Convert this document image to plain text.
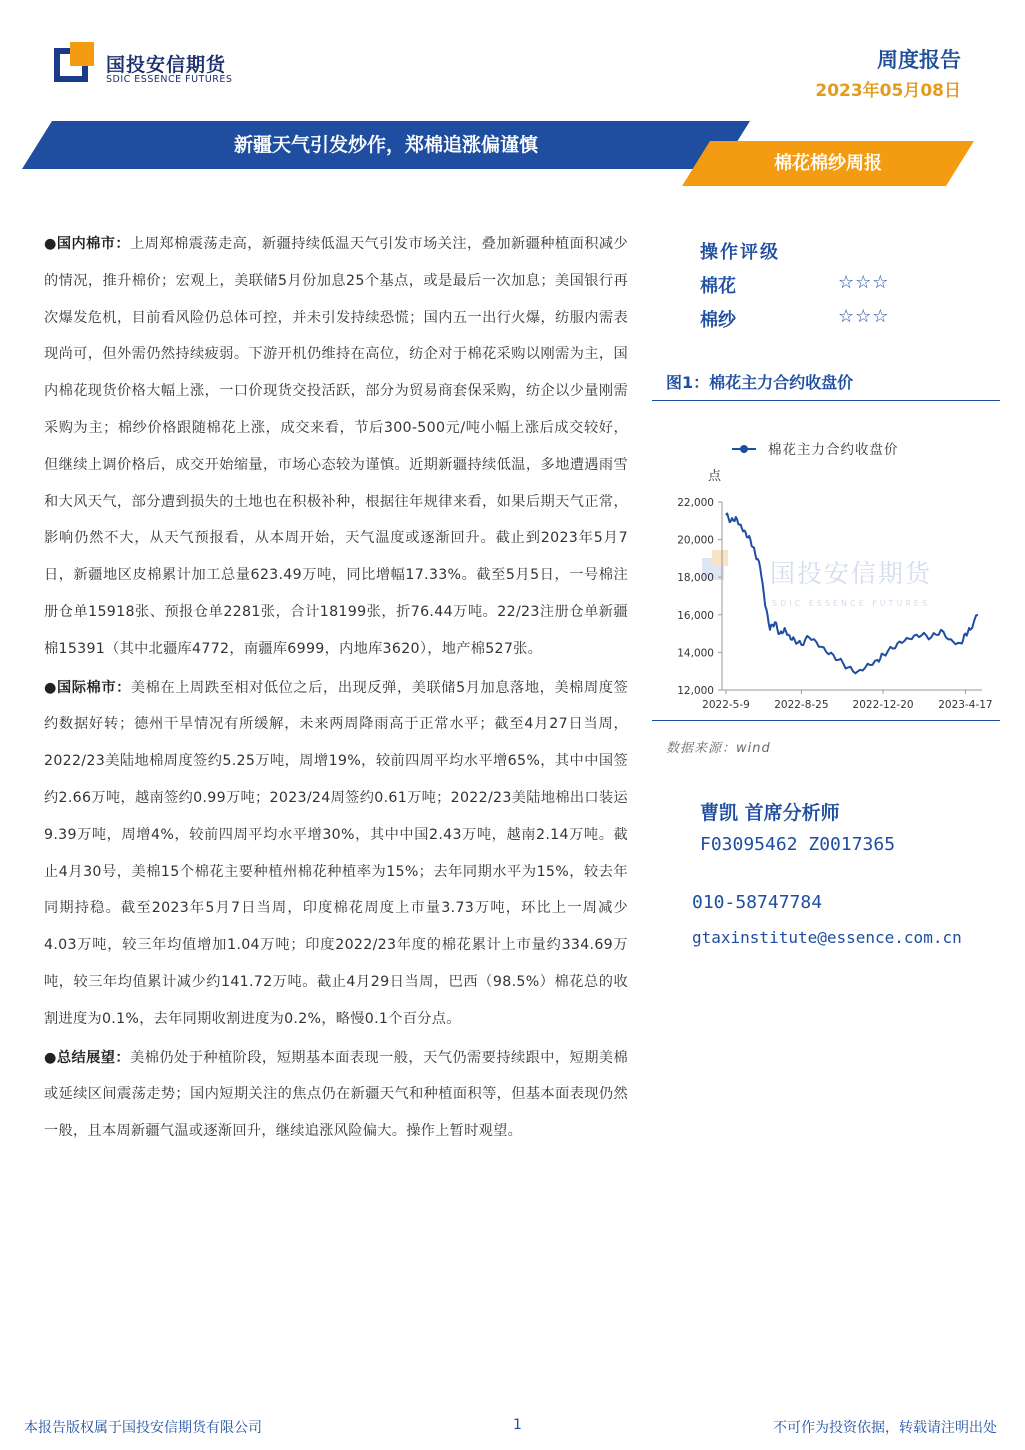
国投安信期货
SDIC ESSENCE FUTURES
周度报告
2023年05月08日
新疆天气引发炒作，郑棉追涨偏谨慎
棉花棉纱周报

●国内棉市：上周郑棉震荡走高，新疆持续低温天气引发市场关注，叠加新疆种植面积减少的情况，推升棉价；宏观上，美联储5月份加息25个基点，或是最后一次加息；美国银行再次爆发危机，目前看风险仍总体可控，并未引发持续恐慌；国内五一出行火爆，纺服内需表现尚可，但外需仍然持续疲弱。下游开机仍维持在高位，纺企对于棉花采购以刚需为主，国内棉花现货价格大幅上涨，一口价现货交投活跃，部分为贸易商套保采购，纺企以少量刚需采购为主；棉纱价格跟随棉花上涨，成交来看，节后300-500元/吨小幅上涨后成交较好，但继续上调价格后，成交开始缩量，市场心态较为谨慎。近期新疆持续低温，多地遭遇雨雪和大风天气，部分遭到损失的土地也在积极补种，根据往年规律来看，如果后期天气正常，影响仍然不大，从天气预报看，从本周开始，天气温度或逐渐回升。截止到2023年5月7日，新疆地区皮棉累计加工总量623.49万吨，同比增幅17.33%。截至5月5日，一号棉注册仓单15918张、预报仓单2281张，合计18199张，折76.44万吨。22/23注册仓单新疆棉15391（其中北疆库4772，南疆库6999，内地库3620），地产棉527张。

●国际棉市：美棉在上周跌至相对低位之后，出现反弹，美联储5月加息落地，美棉周度签约数据好转；德州干旱情况有所缓解，未来两周降雨高于正常水平；截至4月27日当周，2022/23美陆地棉周度签约5.25万吨，周增19%，较前四周平均水平增65%，其中中国签约2.66万吨，越南签约0.99万吨；2023/24周签约0.61万吨；2022/23美陆地棉出口装运9.39万吨，周增4%，较前四周平均水平增30%，其中中国2.43万吨，越南2.14万吨。截止4月30号，美棉15个棉花主要种植州棉花种植率为15%；去年同期水平为15%，较去年同期持稳。截至2023年5月7日当周，印度棉花周度上市量3.73万吨，环比上一周减少4.03万吨，较三年均值增加1.04万吨；印度2022/23年度的棉花累计上市量约334.69万吨，较三年均值累计减少约141.72万吨。截止4月29日当周，巴西（98.5%）棉花总的收割进度为0.1%，去年同期收割进度为0.2%，略慢0.1个百分点。

●总结展望：美棉仍处于种植阶段，短期基本面表现一般，天气仍需要持续跟中，短期美棉或延续区间震荡走势；国内短期关注的焦点仍在新疆天气和种植面积等，但基本面表现仍然一般，且本周新疆气温或逐渐回升，继续追涨风险偏大。操作上暂时观望。

操作评级
棉花	☆☆☆
棉纱	☆☆☆
图1：棉花主力合约收盘价
国投安信期货
SDIC ESSENCE FUTURES
棉花主力合约收盘价
点
22,000
20,000
18,000
16,000
14,000
12,000
2022-5-9 2022-8-25 2022-12-20 2023-4-17
数据来源：wind
曹凯 首席分析师
F03095462 Z0017365
010-58747784
gtaxinstitute@essence.com.cn
本报告版权属于国投安信期货有限公司	1	不可作为投资依据，转载请注明出处
